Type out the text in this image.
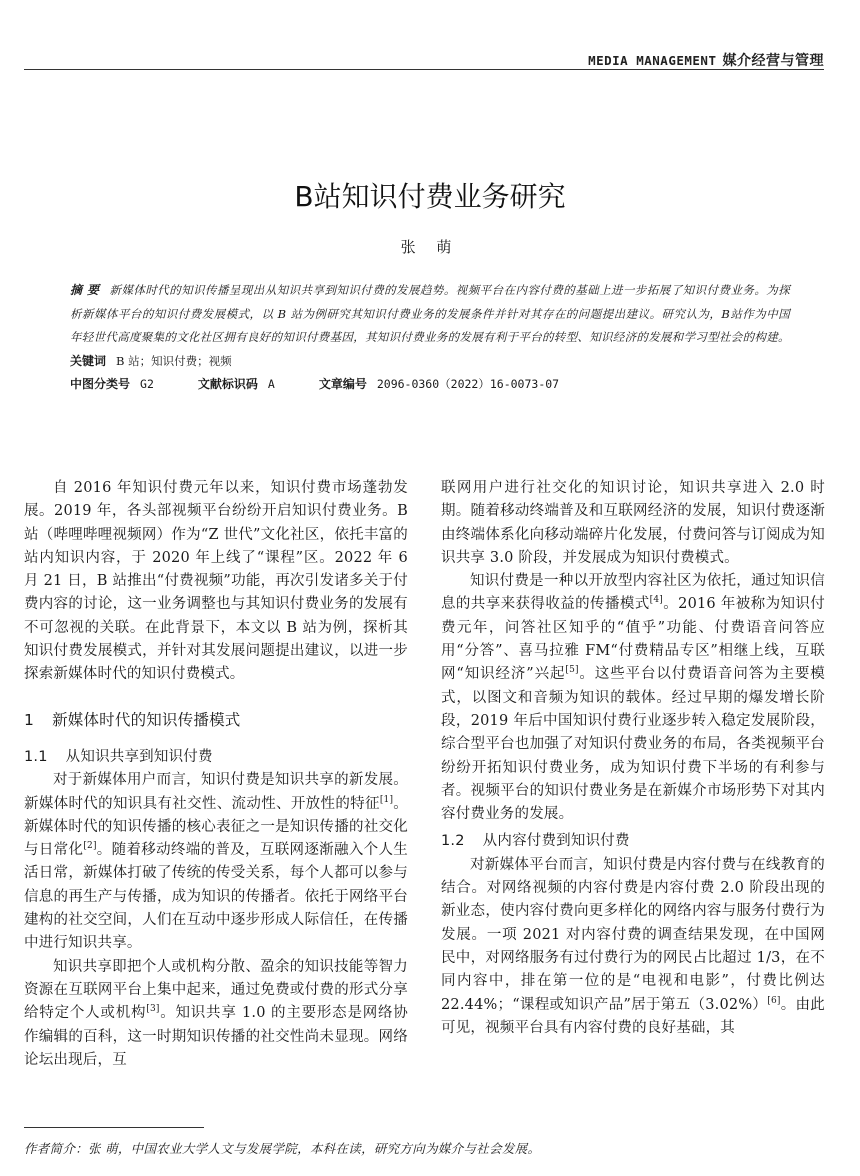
MEDIA MANAGEMENT 媒介经营与管理
B站知识付费业务研究
张 萌
摘 要 新媒体时代的知识传播呈现出从知识共享到知识付费的发展趋势。视频平台在内容付费的基础上进一步拓展了知识付费业务。为探析新媒体平台的知识付费发展模式，以 B 站为例研究其知识付费业务的发展条件并针对其存在的问题提出建议。研究认为，B站作为中国年轻世代高度聚集的文化社区拥有良好的知识付费基因，其知识付费业务的发展有利于平台的转型、知识经济的发展和学习型社会的构建。
关键词 B 站；知识付费；视频
中图分类号 G2	文献标识码 A	文章编号 2096-0360（2022）16-0073-07

自 2016 年知识付费元年以来，知识付费市场蓬勃发展。2019 年，各头部视频平台纷纷开启知识付费业务。B 站（哔哩哔哩视频网）作为“Z 世代”文化社区，依托丰富的站内知识内容，于 2020 年上线了“课程”区。2022 年 6 月 21 日，B 站推出“付费视频”功能，再次引发诸多关于付费内容的讨论，这一业务调整也与其知识付费业务的发展有不可忽视的关联。在此背景下，本文以 B 站为例，探析其知识付费发展模式，并针对其发展问题提出建议，以进一步探索新媒体时代的知识付费模式。

1 新媒体时代的知识传播模式
1.1 从知识共享到知识付费

对于新媒体用户而言，知识付费是知识共享的新发展。新媒体时代的知识具有社交性、流动性、开放性的特征[1]。新媒体时代的知识传播的核心表征之一是知识传播的社交化与日常化[2]。随着移动终端的普及，互联网逐渐融入个人生活日常，新媒体打破了传统的传受关系，每个人都可以参与信息的再生产与传播，成为知识的传播者。依托于网络平台建构的社交空间，人们在互动中逐步形成人际信任，在传播中进行知识共享。

知识共享即把个人或机构分散、盈余的知识技能等智力资源在互联网平台上集中起来，通过免费或付费的形式分享给特定个人或机构[3]。知识共享 1.0 的主要形态是网络协作编辑的百科，这一时期知识传播的社交性尚未显现。网络论坛出现后，互

联网用户进行社交化的知识讨论，知识共享进入 2.0 时期。随着移动终端普及和互联网经济的发展，知识付费逐渐由终端体系化向移动端碎片化发展，付费问答与订阅成为知识共享 3.0 阶段，并发展成为知识付费模式。

知识付费是一种以开放型内容社区为依托，通过知识信息的共享来获得收益的传播模式[4]。2016 年被称为知识付费元年，问答社区知乎的“值乎”功能、付费语音问答应用“分答”、喜马拉雅 FM“付费精品专区”相继上线，互联网“知识经济”兴起[5]。这些平台以付费语音问答为主要模式，以图文和音频为知识的载体。经过早期的爆发增长阶段，2019 年后中国知识付费行业逐步转入稳定发展阶段，综合型平台也加强了对知识付费业务的布局，各类视频平台纷纷开拓知识付费业务，成为知识付费下半场的有利参与者。视频平台的知识付费业务是在新媒介市场形势下对其内容付费业务的发展。

1.2 从内容付费到知识付费

对新媒体平台而言，知识付费是内容付费与在线教育的结合。对网络视频的内容付费是内容付费 2.0 阶段出现的新业态，使内容付费向更多样化的网络内容与服务付费行为发展。一项 2021 对内容付费的调查结果发现，在中国网民中，对网络服务有过付费行为的网民占比超过 1/3，在不同内容中，排在第一位的是“电视和电影”，付费比例达 22.44%；“课程或知识产品”居于第五（3.02%）[6]。由此可见，视频平台具有内容付费的良好基础，其

作者简介：张 萌，中国农业大学人文与发展学院，本科在读，研究方向为媒介与社会发展。
